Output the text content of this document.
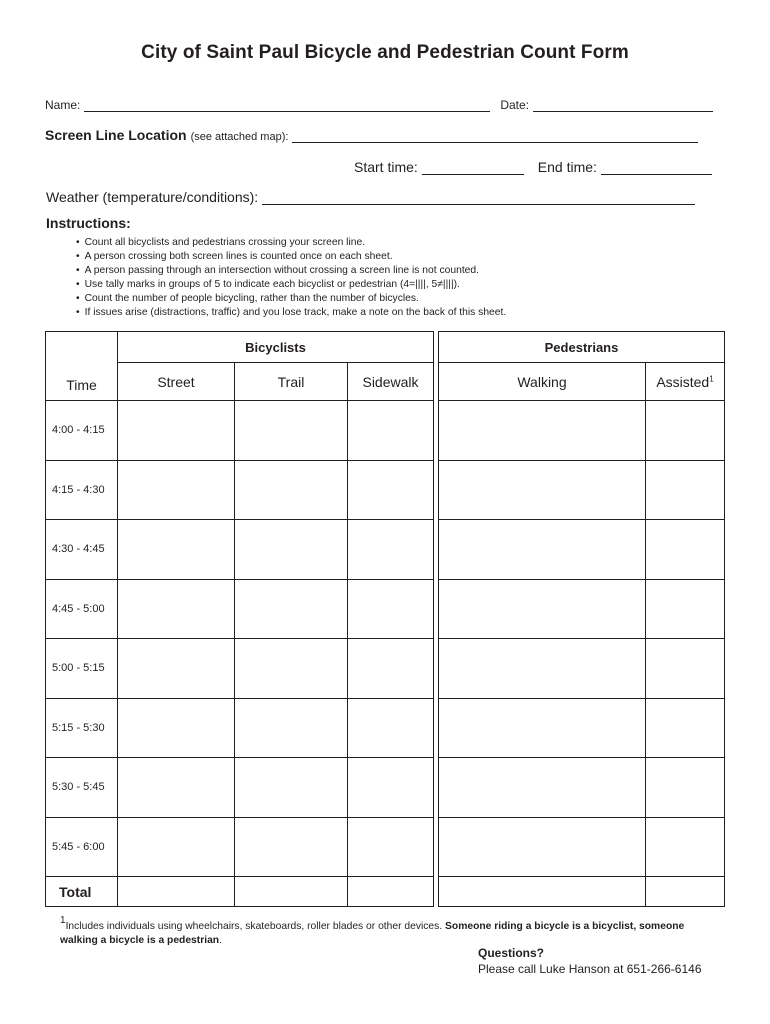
City of Saint Paul Bicycle and Pedestrian Count Form
Name:	Date:
Screen Line Location (see attached map):
Start time:	End time:
Weather (temperature/conditions):
Instructions:
• Count all bicyclists and pedestrians crossing your screen line.
• A person crossing both screen lines is counted once on each sheet.
• A person passing through an intersection without crossing a screen line is not counted.
• Use tally marks in groups of 5 to indicate each bicyclist or pedestrian (4=||||, 5≠||||).
• Count the number of people bicycling, rather than the number of bicycles.
• If issues arise (distractions, traffic) and you lose track, make a note on the back of this sheet.
Time	Bicyclists				Pedestrians	
	Street	Trail	Sidewalk		Walking	Assisted$^1$
4:00 - 4:15						
4:15 - 4:30						
4:30 - 4:45						
4:45 - 5:00						
5:00 - 5:15						
5:15 - 5:30						
5:30 - 5:45						
5:45 - 6:00						
Total						
$^1$Includes individuals using wheelchairs, skateboards, roller blades or other devices. Someone riding a bicycle is a bicyclist, someone walking a bicycle is a pedestrian.
Questions?
Please call Luke Hanson at 651-266-6146
